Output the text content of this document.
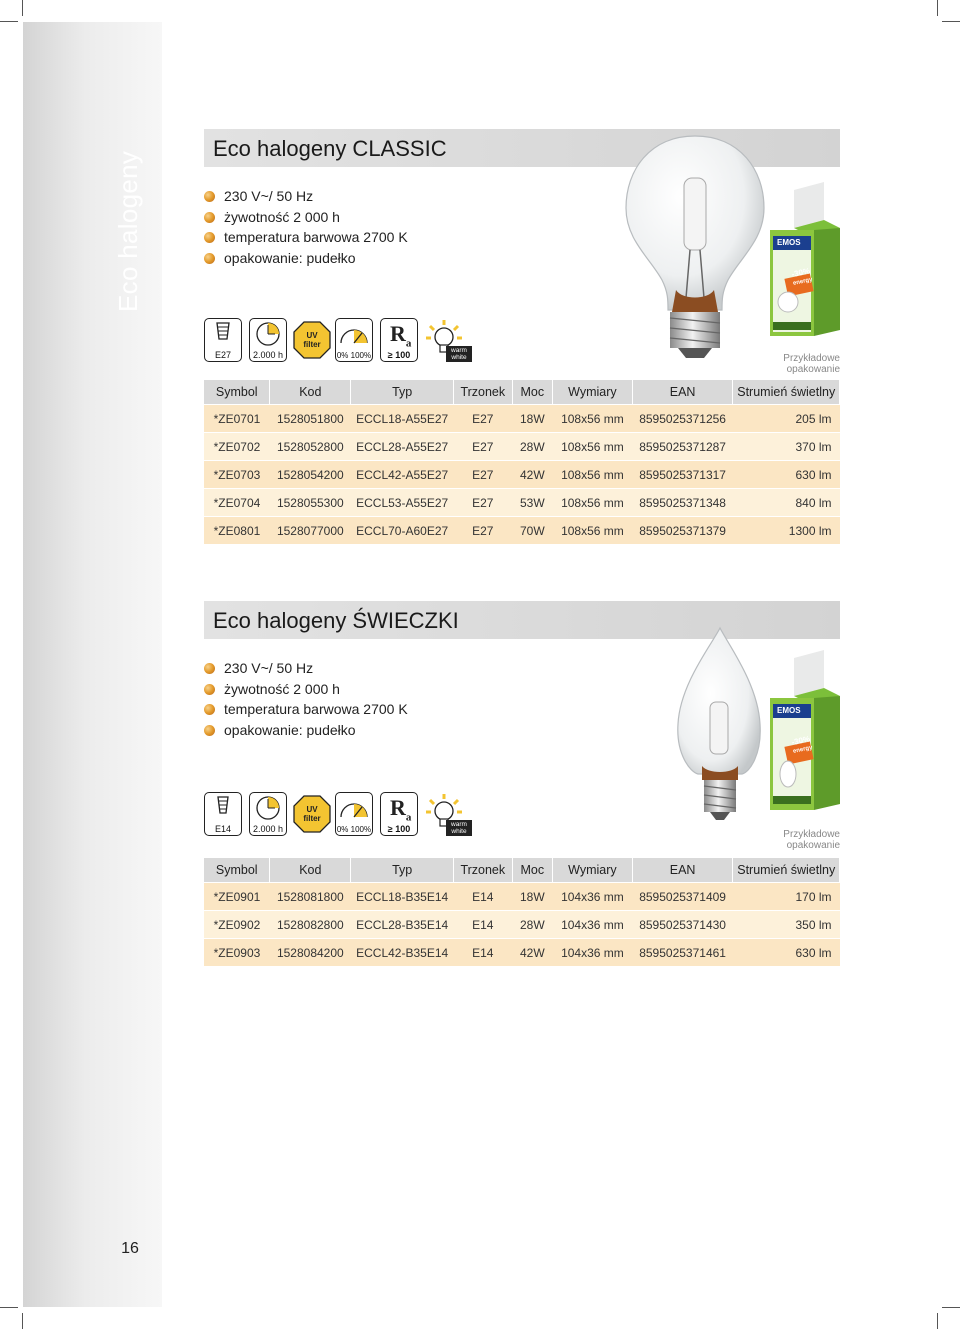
Eco halogeny
16
Eco halogeny CLASSIC
230 V~/ 50 Hz
żywotność 2 000 h
temperatura barwowa 2700 K
opakowanie: pudełko
E27	2.000 h
UV filter
0% 100%
$R_a$
≥ 100	warm white
EMOS
-30%
energy
Przykładowe opakowanie
Symbol	Kod	Typ	Trzonek	Moc	Wymiary	EAN	Strumień świetlny
*ZE0701	1528051800	ECCL18-A55E27	E27	18W	108x56 mm	8595025371256	205 lm
*ZE0702	1528052800	ECCL28-A55E27	E27	28W	108x56 mm	8595025371287	370 lm
*ZE0703	1528054200	ECCL42-A55E27	E27	42W	108x56 mm	8595025371317	630 lm
*ZE0704	1528055300	ECCL53-A55E27	E27	53W	108x56 mm	8595025371348	840 lm
*ZE0801	1528077000	ECCL70-A60E27	E27	70W	108x56 mm	8595025371379	1300 lm
Eco halogeny ŚWIECZKI
230 V~/ 50 Hz
żywotność 2 000 h
temperatura barwowa 2700 K
opakowanie: pudełko
E14	2.000 h
UV filter
0% 100%
$R_a$
≥ 100	warm white
EMOS
-30%
energy
Przykładowe opakowanie
Symbol	Kod	Typ	Trzonek	Moc	Wymiary	EAN	Strumień świetlny
*ZE0901	1528081800	ECCL18-B35E14	E14	18W	104x36 mm	8595025371409	170 lm
*ZE0902	1528082800	ECCL28-B35E14	E14	28W	104x36 mm	8595025371430	350 lm
*ZE0903	1528084200	ECCL42-B35E14	E14	42W	104x36 mm	8595025371461	630 lm
